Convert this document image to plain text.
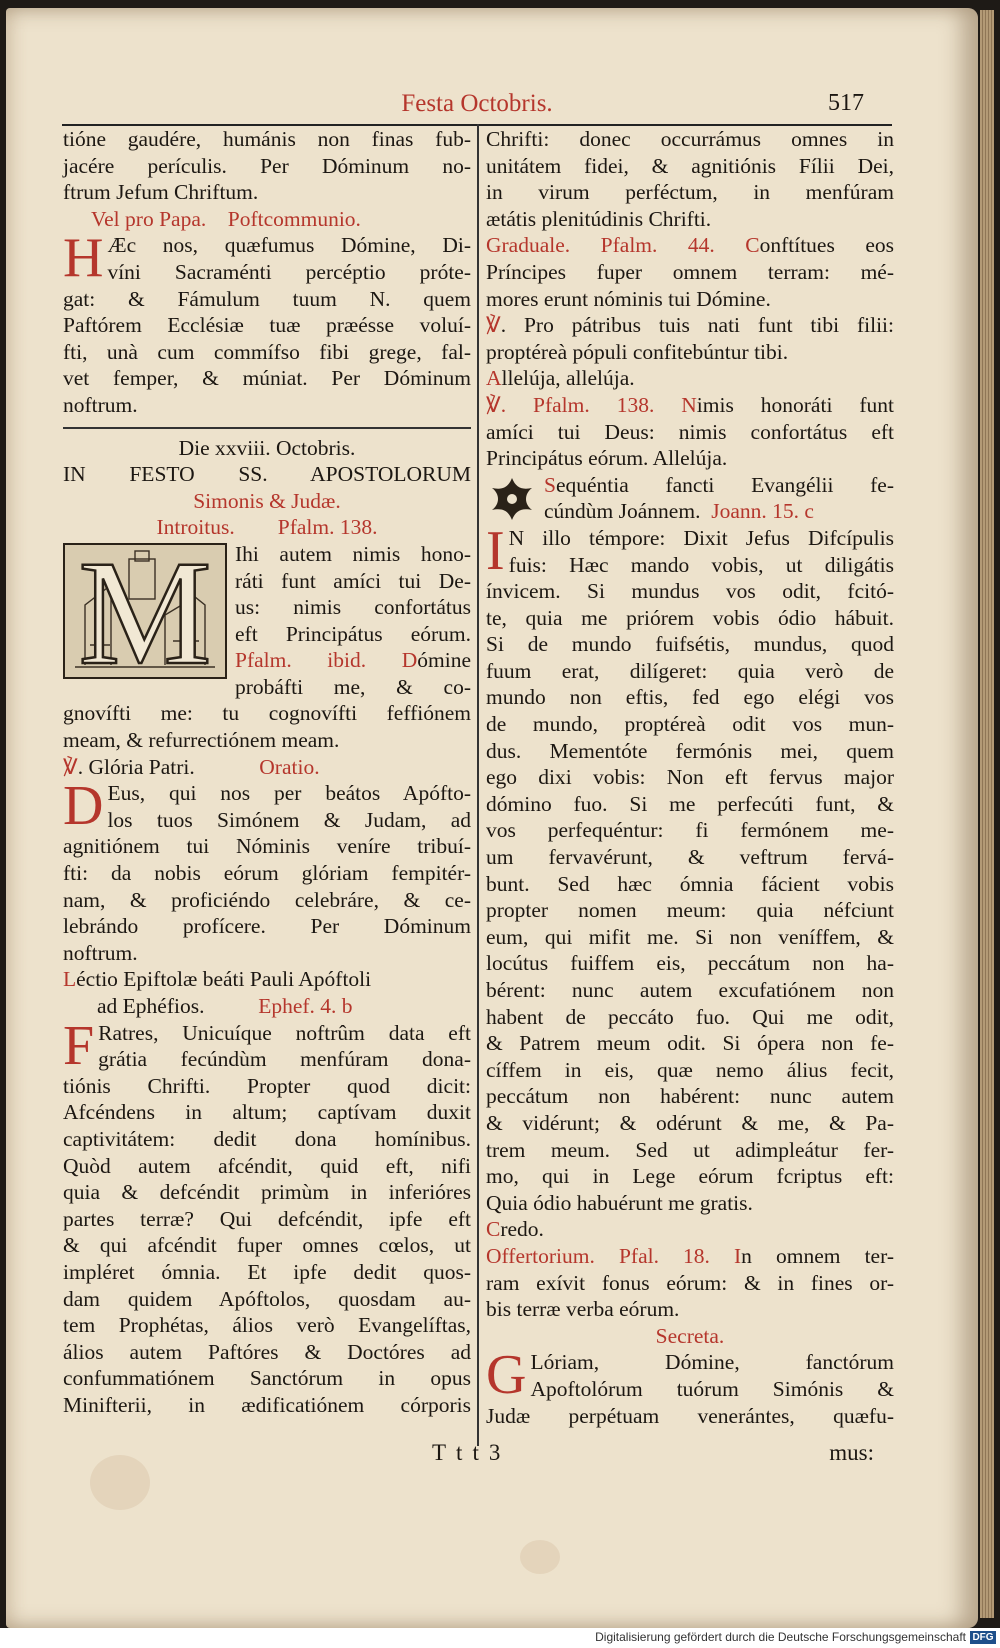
Festa Octobris.	517
tióne gaudére, humánis non finas fub-
jacére perículis. Per Dóminum no-
ftrum Jefum Chriftum.
Vel pro Papa.    Poftcommunio.
H Æc nos, quæfumus Dómine, Di-
víni Sacraménti percéptio próte-
gat: & Fámulum tuum N. quem
Paftórem Ecclésiæ tuæ præésse voluí-
fti, unà cum commífso fibi grege, fal-
vet femper, & múniat. Per Dóminum
noftrum.
Die xxviii. Octobris.
IN FESTO SS. APOSTOLORUM
Simonis & Judæ.
Introitus.        Pfalm. 138.
M	Ihi autem nimis hono-
ráti funt amíci tui De-
us: nimis confortátus
eft Principátus eórum.
Pfalm. ibid. Dómine
probáfti me, & co-
gnovífti me: tu cognovífti feffiónem
meam, & refurrectiónem meam.
℣. Glória Patri.            Oratio.
D Eus, qui nos per beátos Apófto-
los tuos Simónem & Judam, ad
agnitiónem tui Nóminis veníre tribuí-
fti: da nobis eórum glóriam fempitér-
nam, & proficiéndo celebráre, & ce-
lebrándo profícere. Per Dóminum
noftrum.
Léctio Epiftolæ beáti Pauli Apóftoli
ad Ephéfios.          Ephef. 4. b
F Ratres, Unicuíque noftrûm data eft
grátia fecúndùm menfúram dona-
tiónis Chrifti. Propter quod dicit:
Afcéndens in altum; captívam duxit
captivitátem: dedit dona homínibus.
Quòd autem afcéndit, quid eft, nifi
quia & defcéndit primùm in inferióres
partes terræ? Qui defcéndit, ipfe eft
& qui afcéndit fuper omnes cœlos, ut
impléret ómnia. Et ipfe dedit quos-
dam quidem Apóftolos, quosdam au-
tem Prophétas, álios verò Evangelíftas,
álios autem Paftóres & Doctóres ad
confummatiónem Sanctórum in opus
Minifterii, in ædificatiónem córporis
Chrifti: donec occurrámus omnes in
unitátem fidei, & agnitiónis Fílii Dei,
in virum perféctum, in menfúram
ætátis plenitúdinis Chrifti.
Graduale. Pfalm. 44. Conftítues eos
Príncipes fuper omnem terram: mé-
mores erunt nóminis tui Dómine.
℣. Pro pátribus tuis nati funt tibi filii:
proptéreà pópuli confitebúntur tibi.
Allelúja, allelúja.
℣. Pfalm. 138. Nimis honoráti funt
amíci tui Deus: nimis confortátus eft
Principátus eórum. Allelúja.
Sequéntia fancti Evangélii fe-
cúndùm Joánnem.  Joann. 15. c
I N illo témpore: Dixit Jefus Difcípulis
fuis: Hæc mando vobis, ut diligátis
ínvicem. Si mundus vos odit, fcitó-
te, quia me priórem vobis ódio hábuit.
Si de mundo fuifsétis, mundus, quod
fuum erat, dilígeret: quia verò de
mundo non eftis, fed ego elégi vos
de mundo, proptéreà odit vos mun-
dus. Mementóte fermónis mei, quem
ego dixi vobis: Non eft fervus major
dómino fuo. Si me perfecúti funt, &
vos perfequéntur: fi fermónem me-
um fervavérunt, & veftrum fervá-
bunt. Sed hæc ómnia fácient vobis
propter nomen meum: quia néfciunt
eum, qui mifit me. Si non veníffem, &
locútus fuiffem eis, peccátum non ha-
bérent: nunc autem excufatiónem non
habent de peccáto fuo. Qui me odit,
& Patrem meum odit. Si ópera non fe-
cíffem in eis, quæ nemo álius fecit,
peccátum non habérent: nunc autem
& vidérunt; & odérunt & me, & Pa-
trem meum. Sed ut adimpleátur fer-
mo, qui in Lege eórum fcriptus eft:
Quia ódio habuérunt me gratis.
Credo.
Offertorium. Pfal. 18. In omnem ter-
ram exívit fonus eórum: & in fines or-
bis terræ verba eórum.
Secreta.
G Lóriam, Dómine, fanctórum
Apoftolórum tuórum Simónis &
Judæ perpétuam venerántes, quæfu-
Ttt3	mus:
Digitalisierung gefördert durch die Deutsche Forschungsgemeinschaft DFG
